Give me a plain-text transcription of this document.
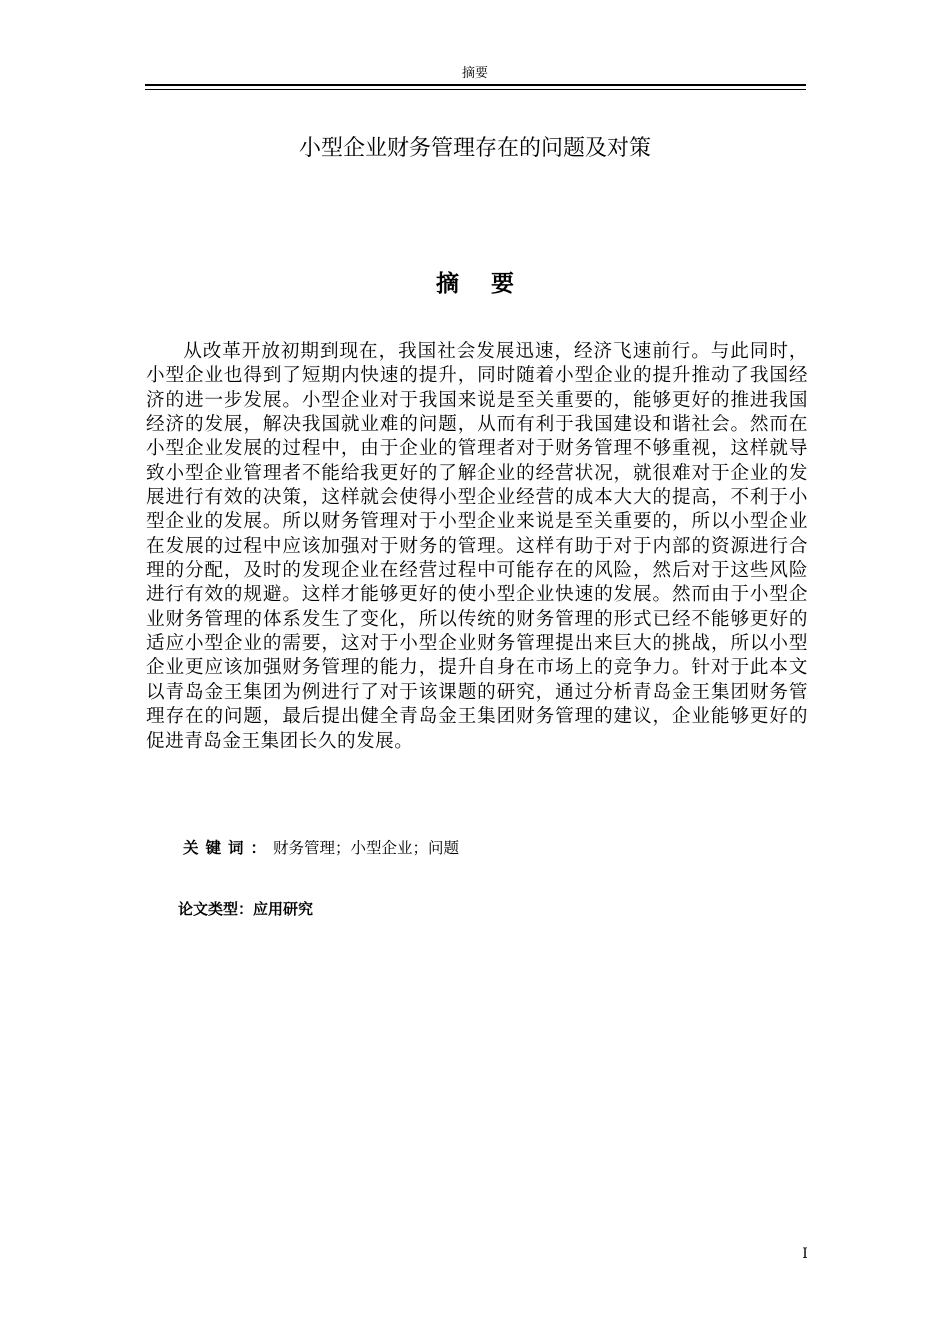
摘要
小型企业财务管理存在的问题及对策
摘 要

从改革开放初期到现在，我国社会发展迅速，经济飞速前行。与此同时，小型企业也得到了短期内快速的提升，同时随着小型企业的提升推动了我国经济的进一步发展。小型企业对于我国来说是至关重要的，能够更好的推进我国经济的发展，解决我国就业难的问题，从而有利于我国建设和谐社会。然而在小型企业发展的过程中，由于企业的管理者对于财务管理不够重视，这样就导致小型企业管理者不能给我更好的了解企业的经营状况，就很难对于企业的发展进行有效的决策，这样就会使得小型企业经营的成本大大的提高，不利于小型企业的发展。所以财务管理对于小型企业来说是至关重要的，所以小型企业在发展的过程中应该加强对于财务的管理。这样有助于对于内部的资源进行合理的分配，及时的发现企业在经营过程中可能存在的风险，然后对于这些风险进行有效的规避。这样才能够更好的使小型企业快速的发展。然而由于小型企业财务管理的体系发生了变化，所以传统的财务管理的形式已经不能够更好的适应小型企业的需要，这对于小型企业财务管理提出来巨大的挑战，所以小型企业更应该加强财务管理的能力，提升自身在市场上的竞争力。针对于此本文以青岛金王集团为例进行了对于该课题的研究，通过分析青岛金王集团财务管理存在的问题，最后提出健全青岛金王集团财务管理的建议，企业能够更好的促进青岛金王集团长久的发展。

关键词：财务管理；小型企业；问题
论文类型：应用研究
I
